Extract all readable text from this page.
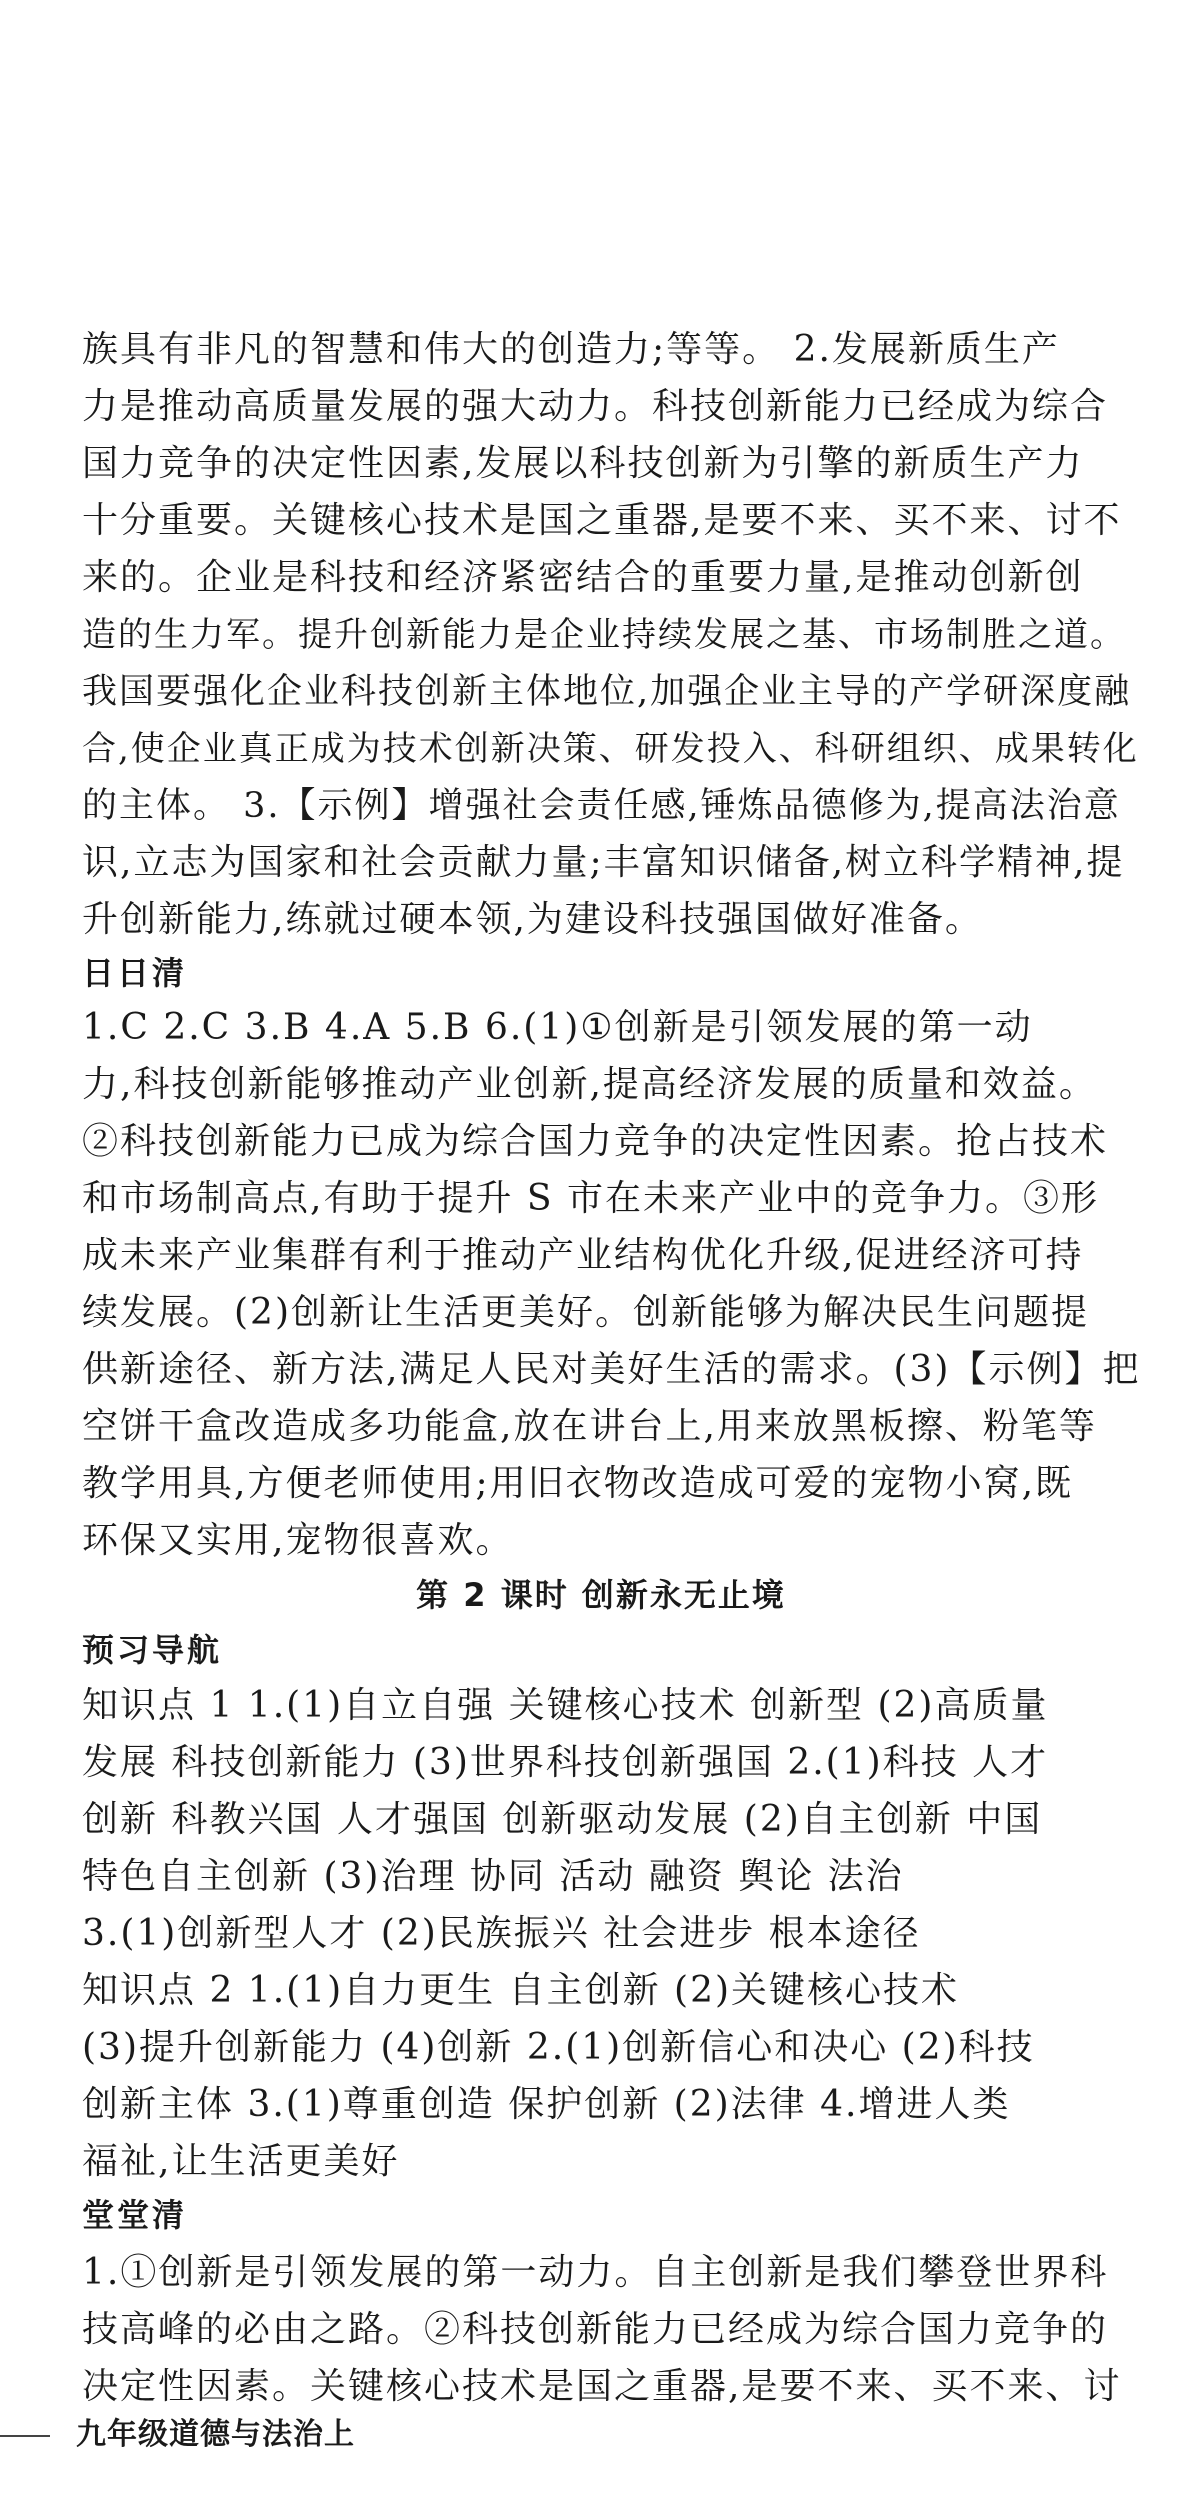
族具有非凡的智慧和伟大的创造力;等等。 2.发展新质生产
力是推动高质量发展的强大动力。科技创新能力已经成为综合
国力竞争的决定性因素,发展以科技创新为引擎的新质生产力
十分重要。关键核心技术是国之重器,是要不来、买不来、讨不
来的。企业是科技和经济紧密结合的重要力量,是推动创新创
造的生力军。提升创新能力是企业持续发展之基、市场制胜之道。
我国要强化企业科技创新主体地位,加强企业主导的产学研深度融
合,使企业真正成为技术创新决策、研发投入、科研组织、成果转化
的主体。 3.【示例】增强社会责任感,锤炼品德修为,提高法治意
识,立志为国家和社会贡献力量;丰富知识储备,树立科学精神,提
升创新能力,练就过硬本领,为建设科技强国做好准备。
日日清
1.C 2.C 3.B 4.A 5.B 6.(1)①创新是引领发展的第一动
力,科技创新能够推动产业创新,提高经济发展的质量和效益。
②科技创新能力已成为综合国力竞争的决定性因素。抢占技术
和市场制高点,有助于提升 S 市在未来产业中的竞争力。③形
成未来产业集群有利于推动产业结构优化升级,促进经济可持
续发展。(2)创新让生活更美好。创新能够为解决民生问题提
供新途径、新方法,满足人民对美好生活的需求。(3)【示例】把
空饼干盒改造成多功能盒,放在讲台上,用来放黑板擦、粉笔等
教学用具,方便老师使用;用旧衣物改造成可爱的宠物小窝,既
环保又实用,宠物很喜欢。
第 2 课时 创新永无止境
预习导航
知识点 1 1.(1)自立自强 关键核心技术 创新型 (2)高质量
发展 科技创新能力 (3)世界科技创新强国 2.(1)科技 人才
创新 科教兴国 人才强国 创新驱动发展 (2)自主创新 中国
特色自主创新 (3)治理 协同 活动 融资 舆论 法治
3.(1)创新型人才 (2)民族振兴 社会进步 根本途径
知识点 2 1.(1)自力更生 自主创新 (2)关键核心技术
(3)提升创新能力 (4)创新 2.(1)创新信心和决心 (2)科技
创新主体 3.(1)尊重创造 保护创新 (2)法律 4.增进人类
福祉,让生活更美好
堂堂清
1.①创新是引领发展的第一动力。自主创新是我们攀登世界科
技高峰的必由之路。②科技创新能力已经成为综合国力竞争的
决定性因素。关键核心技术是国之重器,是要不来、买不来、讨
九年级道德与法治上
